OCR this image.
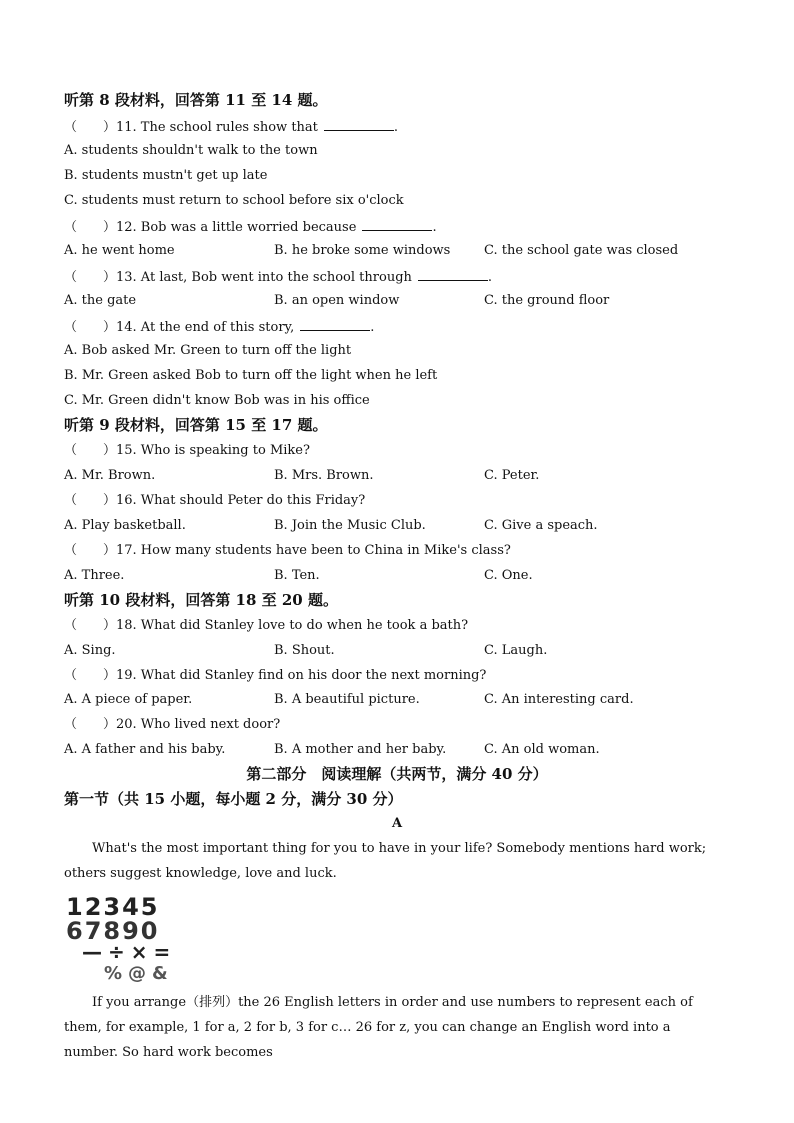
听第 8 段材料，回答第 11 至 14 题。
（　　）11. The school rules show that	.
A. students shouldn't walk to the town
B. students mustn't get up late
C. students must return to school before six o'clock
（　　）12. Bob was a little worried because	.
A. he went home	B. he broke some windows	C. the school gate was closed
（　　）13. At last, Bob went into the school through	.
A. the gate	B. an open window	C. the ground floor
（　　）14. At the end of this story,	.
A. Bob asked Mr. Green to turn off the light
B. Mr. Green asked Bob to turn off the light when he left
C. Mr. Green didn't know Bob was in his office
听第 9 段材料，回答第 15 至 17 题。
（　　）15. Who is speaking to Mike?
A. Mr. Brown.	B. Mrs. Brown.	C. Peter.
（　　）16. What should Peter do this Friday?
A. Play basketball.	B. Join the Music Club.	C. Give a speach.
（　　）17. How many students have been to China in Mike's class?
A. Three.	B. Ten.	C. One.
听第 10 段材料，回答第 18 至 20 题。
（　　）18. What did Stanley love to do when he took a bath?
A. Sing.	B. Shout.	C. Laugh.
（　　）19. What did Stanley find on his door the next morning?
A. A piece of paper.	B. A beautiful picture.	C. An interesting card.
（　　）20. Who lived next door?
A. A father and his baby.	B. A mother and her baby.	C. An old woman.
第二部分　阅读理解（共两节，满分 40 分）
第一节（共 15 小题，每小题 2 分，满分 30 分）
A
What's the most important thing for you to have in your life? Somebody mentions hard work; others suggest knowledge, love and luck.
12345
67890
—÷×=
%@&
If you arrange（排列）the 26 English letters in order and use numbers to represent each of them, for example, 1 for a, 2 for b, 3 for c… 26 for z, you can change an English word into a number. So hard work becomes
